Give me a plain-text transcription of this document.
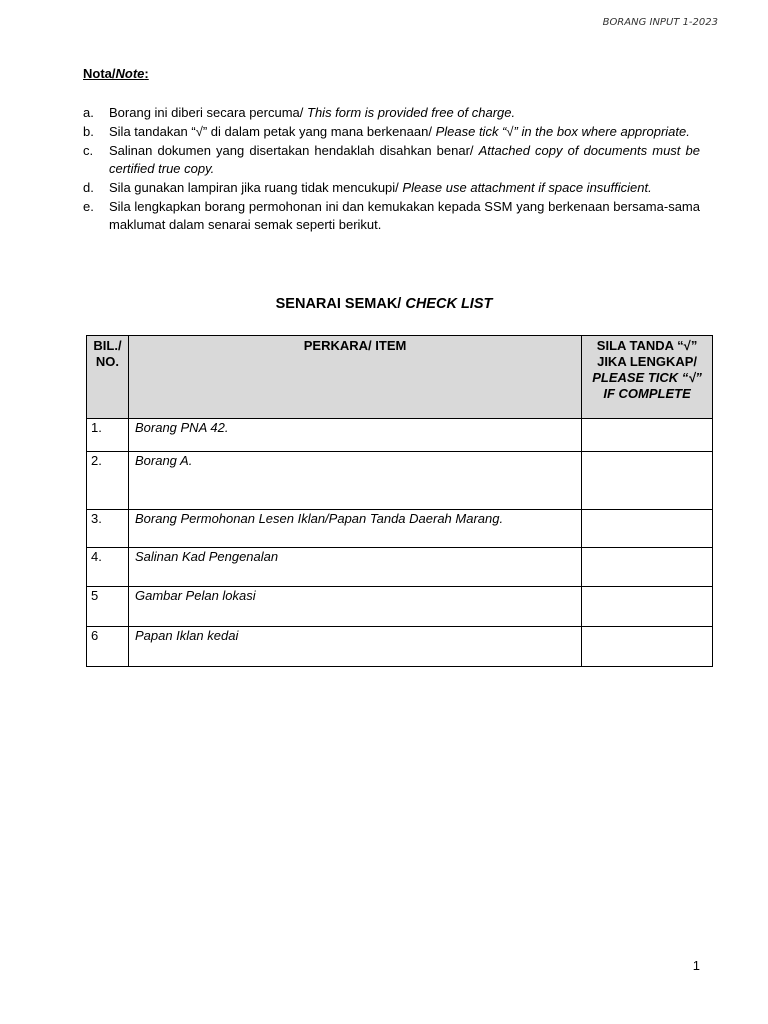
BORANG INPUT 1-2023
Nota/Note:
a.	Borang ini diberi secara percuma/ This form is provided free of charge.
b.	Sila tandakan “√” di dalam petak yang mana berkenaan/ Please tick “√” in the box where appropriate.
c.	Salinan dokumen yang disertakan hendaklah disahkan benar/ Attached copy of documents must be certified true copy.
d.	Sila gunakan lampiran jika ruang tidak mencukupi/ Please use attachment if space insufficient.
e.	Sila lengkapkan borang permohonan ini dan kemukakan kepada SSM yang berkenaan bersama-sama maklumat dalam senarai semak seperti berikut.
SENARAI SEMAK/ CHECK LIST
BIL./
NO.	PERKARA/ ITEM	SILA TANDA “√”
JIKA LENGKAP/
PLEASE TICK “√”
IF COMPLETE
1.	Borang PNA 42.	
2.	Borang A.	
3.	Borang Permohonan Lesen Iklan/Papan Tanda Daerah Marang.	
4.	Salinan Kad Pengenalan	
5	Gambar Pelan lokasi	
6	Papan Iklan kedai	
1
